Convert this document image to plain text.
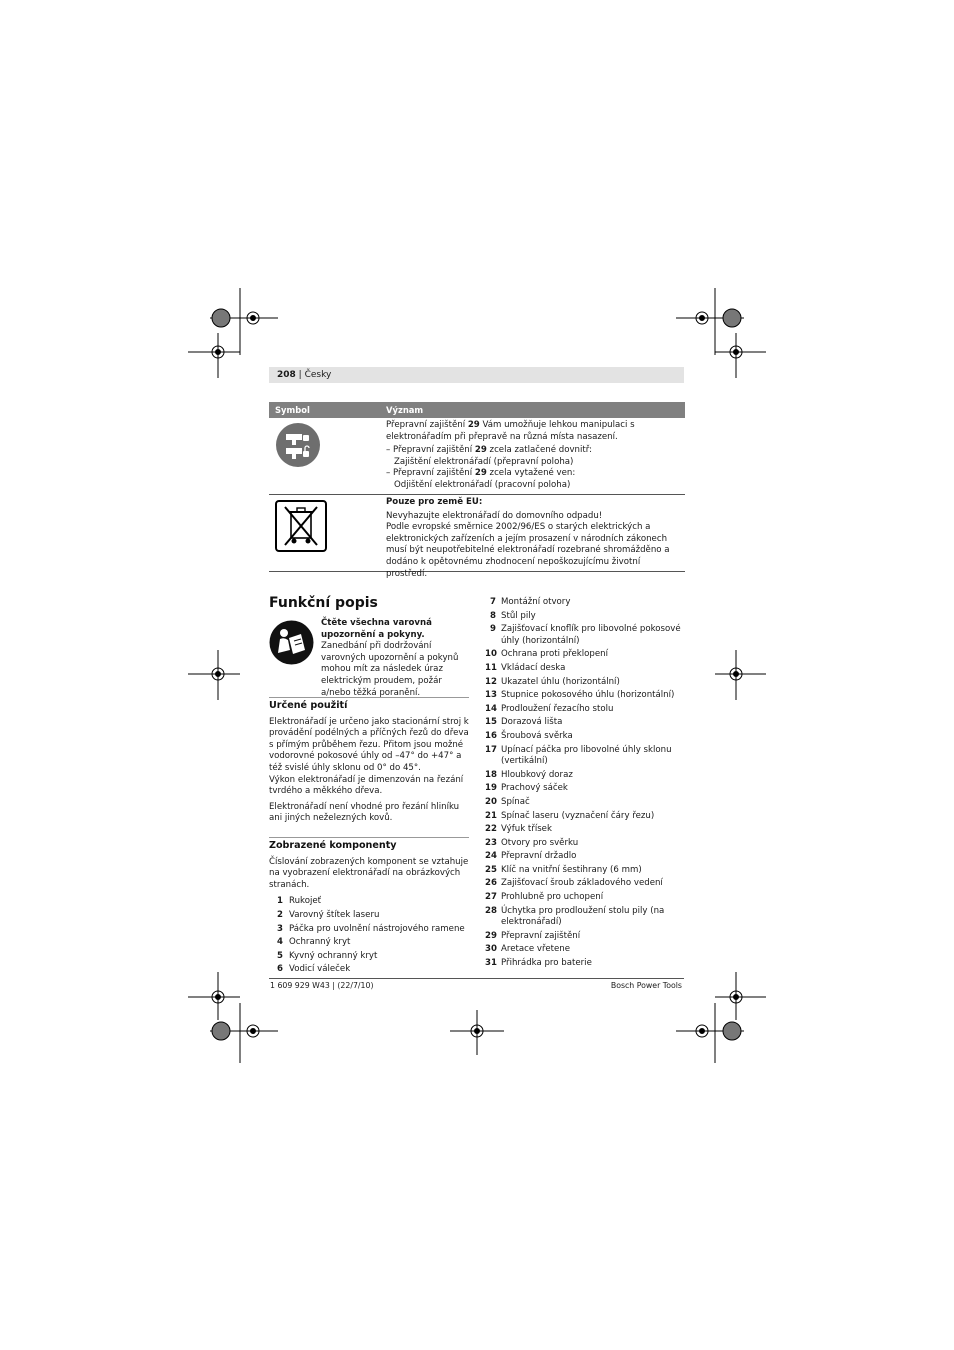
208 | Česky
Symbol	Význam
Přepravní zajištění 29 Vám umožňuje lehkou manipulaci s elektronářadím při přepravě na různá místa nasazení.
– Přepravní zajištění 29 zcela zatlačené dovnitř:
Zajištění elektronářadí (přepravní poloha)
– Přepravní zajištění 29 zcela vytažené ven:
Odjištění elektronářadí (pracovní poloha)
Pouze pro země EU:
Nevyhazujte elektronářadí do domovního odpadu!
Podle evropské směrnice 2002/96/ES o starých elektrických a elektronických zařízeních a jejím prosazení v národních zákonech musí být neupotřebitelné elektronářadí rozebrané shromážděno a dodáno k opětovnému zhodnocení nepoškozujícímu životní prostředí.
Funkční popis
Čtěte všechna varovná upozornění a pokyny. Zanedbání při dodržování varovných upozornění a pokynů mohou mít za následek úraz elektrickým proudem, požár a/nebo těžká poranění.
Určené použití
Elektronářadí je určeno jako stacionární stroj k provádění podélných a příčných řezů do dřeva s přímým průběhem řezu. Přitom jsou možné vodorovné pokosové úhly od –47° do +47° a též svislé úhly sklonu od 0° do 45°.
Výkon elektronářadí je dimenzován na řezání tvrdého a měkkého dřeva.
Elektronářadí není vhodné pro řezání hliníku ani jiných neželezných kovů.
Zobrazené komponenty
Číslování zobrazených komponent se vztahuje na vyobrazení elektronářadí na obrázkových stranách.
1 Rukojeť
2 Varovný štítek laseru
3 Páčka pro uvolnění nástrojového ramene
4 Ochranný kryt
5 Kyvný ochranný kryt
6 Vodicí váleček
7 Montážní otvory
8 Stůl pily
9 Zajišťovací knoflík pro libovolné pokosové úhly (horizontální)
10 Ochrana proti překlopení
11 Vkládací deska
12 Ukazatel úhlu (horizontální)
13 Stupnice pokosového úhlu (horizontální)
14 Prodloužení řezacího stolu
15 Dorazová lišta
16 Šroubová svěrka
17 Upínací páčka pro libovolné úhly sklonu (vertikální)
18 Hloubkový doraz
19 Prachový sáček
20 Spínač
21 Spínač laseru (vyznačení čáry řezu)
22 Výfuk třísek
23 Otvory pro svěrku
24 Přepravní držadlo
25 Klíč na vnitřní šestihrany (6 mm)
26 Zajišťovací šroub základového vedení
27 Prohlubně pro uchopení
28 Úchytka pro prodloužení stolu pily (na elektronářadí)
29 Přepravní zajištění
30 Aretace vřetene
31 Přihrádka pro baterie
1 609 929 W43 | (22/7/10)	Bosch Power Tools
